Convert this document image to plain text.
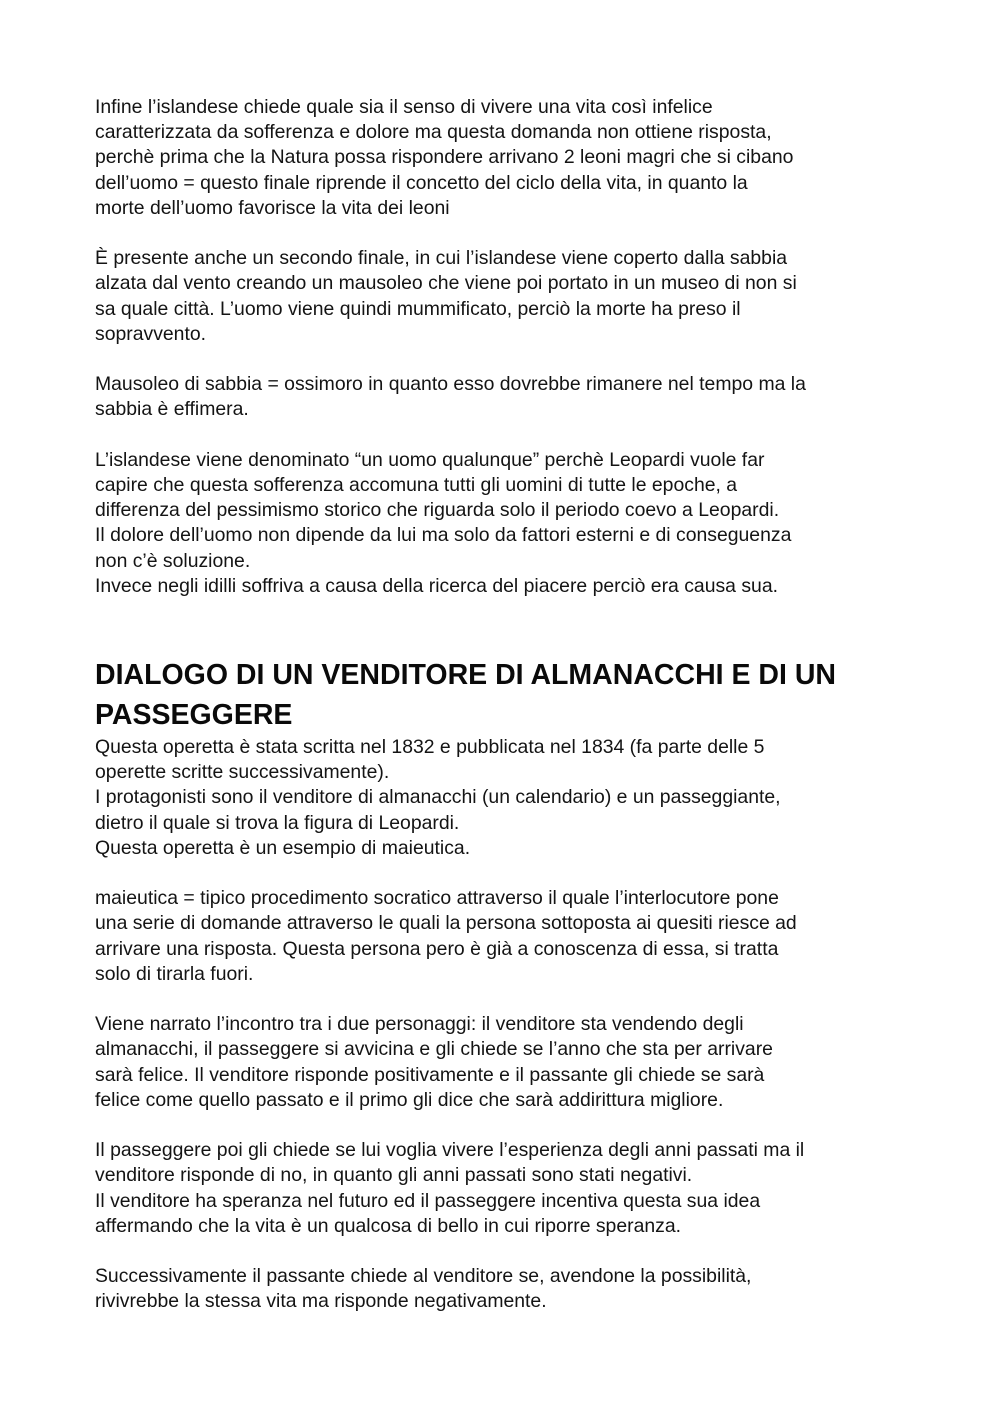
Infine l’islandese chiede quale sia il senso di vivere una vita così infelice
caratterizzata da sofferenza e dolore ma questa domanda non ottiene risposta,
perchè prima che la Natura possa rispondere arrivano 2 leoni magri che si cibano
dell’uomo = questo finale riprende il concetto del ciclo della vita, in quanto la
morte dell’uomo favorisce la vita dei leoni

È presente anche un secondo finale, in cui l’islandese viene coperto dalla sabbia
alzata dal vento creando un mausoleo che viene poi portato in un museo di non si
sa quale città. L’uomo viene quindi mummificato, perciò la morte ha preso il
sopravvento.

Mausoleo di sabbia = ossimoro in quanto esso dovrebbe rimanere nel tempo ma la
sabbia è effimera.

L’islandese viene denominato “un uomo qualunque” perchè Leopardi vuole far
capire che questa sofferenza accomuna tutti gli uomini di tutte le epoche, a
differenza del pessimismo storico che riguarda solo il periodo coevo a Leopardi.
Il dolore dell’uomo non dipende da lui ma solo da fattori esterni e di conseguenza
non c’è soluzione.
Invece negli idilli soffriva a causa della ricerca del piacere perciò era causa sua.

DIALOGO DI UN VENDITORE DI ALMANACCHI E DI UN
PASSEGGERE

Questa operetta è stata scritta nel 1832 e pubblicata nel 1834 (fa parte delle 5
operette scritte successivamente).
I protagonisti sono il venditore di almanacchi (un calendario) e un passeggiante,
dietro il quale si trova la figura di Leopardi.
Questa operetta è un esempio di maieutica.

maieutica = tipico procedimento socratico attraverso il quale l’interlocutore pone
una serie di domande attraverso le quali la persona sottoposta ai quesiti riesce ad
arrivare una risposta. Questa persona pero è già a conoscenza di essa, si tratta
solo di tirarla fuori.

Viene narrato l’incontro tra i due personaggi: il venditore sta vendendo degli
almanacchi, il passeggere si avvicina e gli chiede se l’anno che sta per arrivare
sarà felice. Il venditore risponde positivamente e il passante gli chiede se sarà
felice come quello passato e il primo gli dice che sarà addirittura migliore.

Il passeggere poi gli chiede se lui voglia vivere l’esperienza degli anni passati ma il
venditore risponde di no, in quanto gli anni passati sono stati negativi.
Il venditore ha speranza nel futuro ed il passeggere incentiva questa sua idea
affermando che la vita è un qualcosa di bello in cui riporre speranza.

Successivamente il passante chiede al venditore se, avendone la possibilità,
rivivrebbe la stessa vita ma risponde negativamente.
